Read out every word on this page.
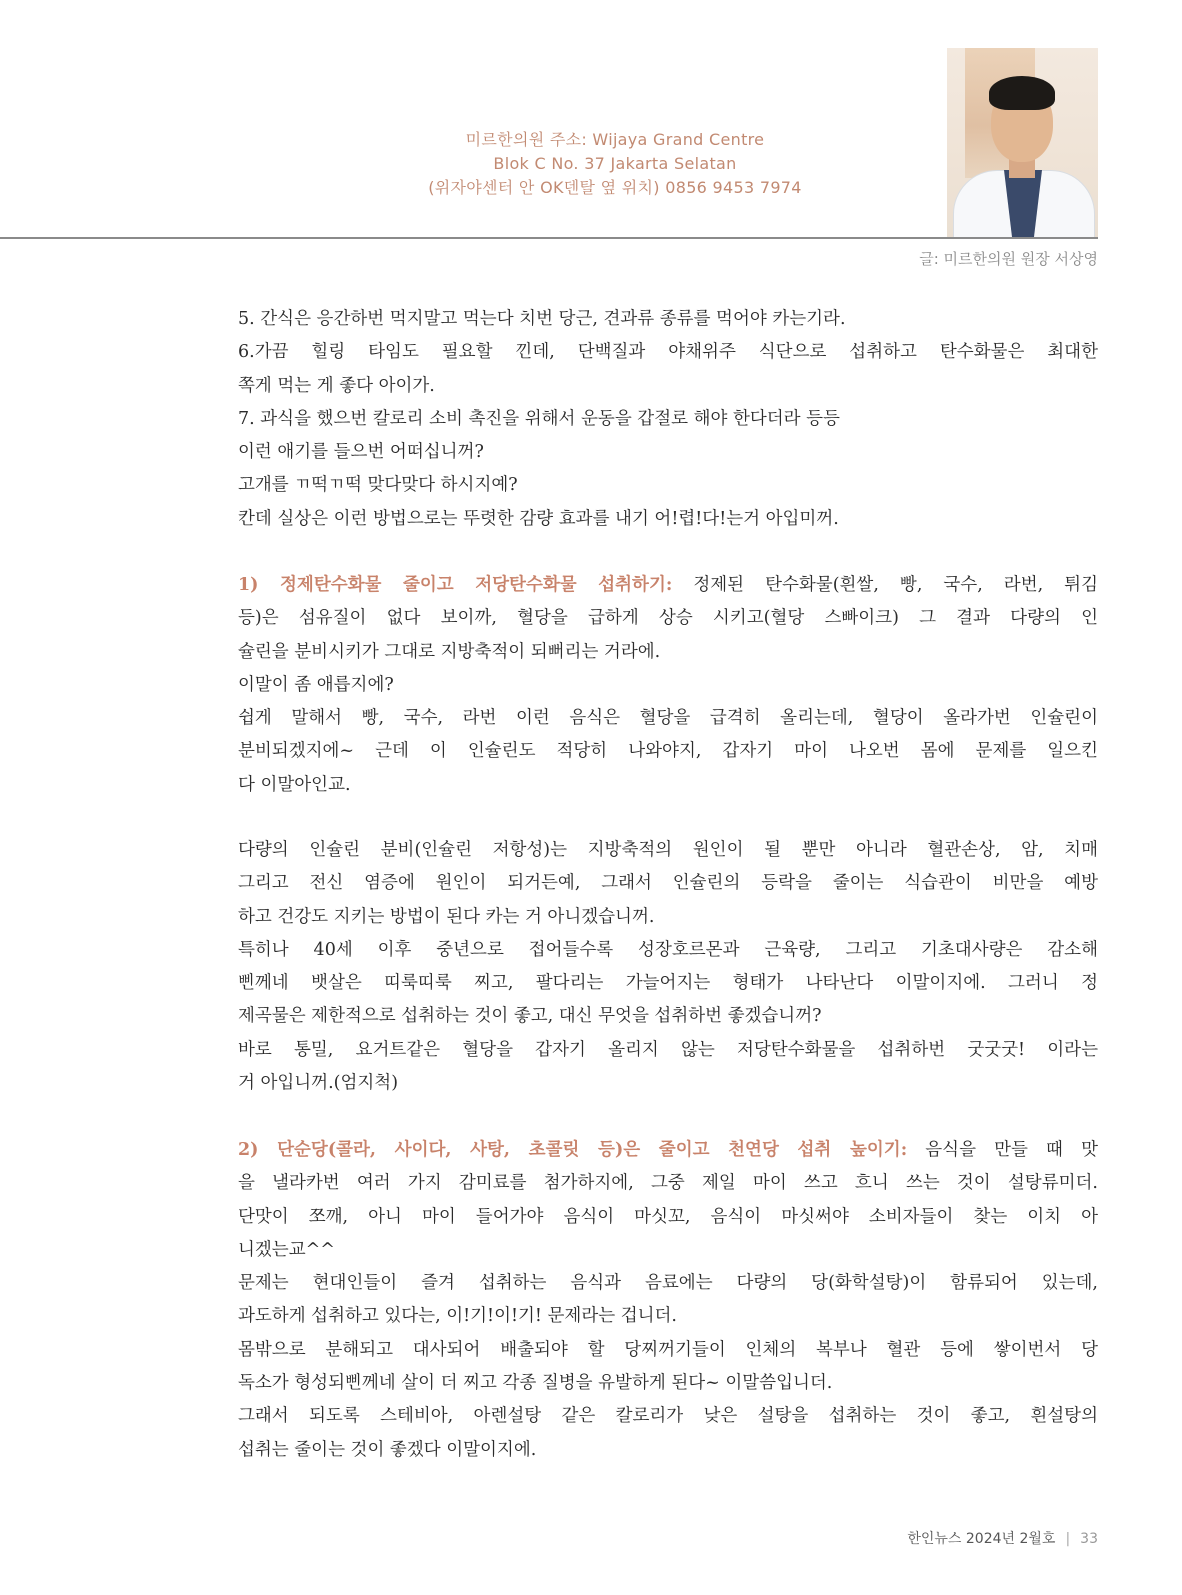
미르한의원 주소: Wijaya Grand Centre
Blok C No. 37 Jakarta Selatan
(위자야센터 안 OK덴탈 옆 위치) 0856 9453 7974
글: 미르한의원 원장 서상영

5. 간식은 응간하번 먹지말고 먹는다 치번 당근, 견과류 종류를 먹어야 카는기라.

6.가끔 힐링 타임도 필요할 낀데, 단백질과 야채위주 식단으로 섭취하고 탄수화물은 최대한

쪽게 먹는 게 좋다 아이가.

7. 과식을 했으번 칼로리 소비 촉진을 위해서 운동을 갑절로 해야 한다더라 등등

이런 애기를 들으번 어떠십니꺼?

고개를 ㄲ떡ㄲ떡 맞다맞다 하시지예?

칸데 실상은 이런 방법으로는 뚜렷한 감량 효과를 내기 어!렵!다!는거 아입미꺼.

1) 정제탄수화물 줄이고 저당탄수화물 섭취하기: 정제된 탄수화물(흰쌀, 빵, 국수, 라번, 튀김

등)은 섬유질이 없다 보이까, 혈당을 급하게 상승 시키고(혈당 스빠이크) 그 결과 다량의 인

슐린을 분비시키가 그대로 지방축적이 되뻐리는 거라에.

이말이 좀 애릅지에?

쉽게 말해서 빵, 국수, 라번 이런 음식은 혈당을 급격히 올리는데, 혈당이 올라가번 인슐린이

분비되겠지에~ 근데 이 인슐린도 적당히 나와야지, 갑자기 마이 나오번 몸에 문제를 일으킨

다 이말아인교.

다량의 인슐린 분비(인슐린 저항성)는 지방축적의 원인이 될 뿐만 아니라 혈관손상, 암, 치매

그리고 전신 염증에 원인이 되거든예, 그래서 인슐린의 등락을 줄이는 식습관이 비만을 예방

하고 건강도 지키는 방법이 된다 카는 거 아니겠습니꺼.

특히나 40세 이후 중년으로 접어들수록 성장호르몬과 근육량, 그리고 기초대사량은 감소해

삔께네 뱃살은 띠룩띠룩 찌고, 팔다리는 가늘어지는 형태가 나타난다 이말이지에. 그러니 정

제곡물은 제한적으로 섭취하는 것이 좋고, 대신 무엇을 섭취하번 좋겠습니꺼?

바로 통밀, 요거트같은 혈당을 갑자기 올리지 않는 저당탄수화물을 섭취하번 굿굿굿! 이라는

거 아입니꺼.(엄지척)

2) 단순당(콜라, 사이다, 사탕, 초콜릿 등)은 줄이고 천연당 섭취 높이기: 음식을 만들 때 맛

을 낼라카번 여러 가지 감미료를 첨가하지에, 그중 제일 마이 쓰고 흐니 쓰는 것이 설탕류미더.

단맛이 쪼깨, 아니 마이 들어가야 음식이 마싯꼬, 음식이 마싯써야 소비자들이 찾는 이치 아

니겠는교^^

문제는 현대인들이 즐겨 섭취하는 음식과 음료에는 다량의 당(화학설탕)이 함류되어 있는데,

과도하게 섭취하고 있다는, 이!기!이!기! 문제라는 겁니더.

몸밖으로 분해되고 대사되어 배출되야 할 당찌꺼기들이 인체의 복부나 혈관 등에 쌓이번서 당

독소가 형성되삔께네 살이 더 찌고 각종 질병을 유발하게 된다~ 이말씀입니더.

그래서 되도록 스테비아, 아렌설탕 같은 칼로리가 낮은 설탕을 섭취하는 것이 좋고, 흰설탕의

섭취는 줄이는 것이 좋겠다 이말이지에.

한인뉴스 2024년 2월호 | 33
